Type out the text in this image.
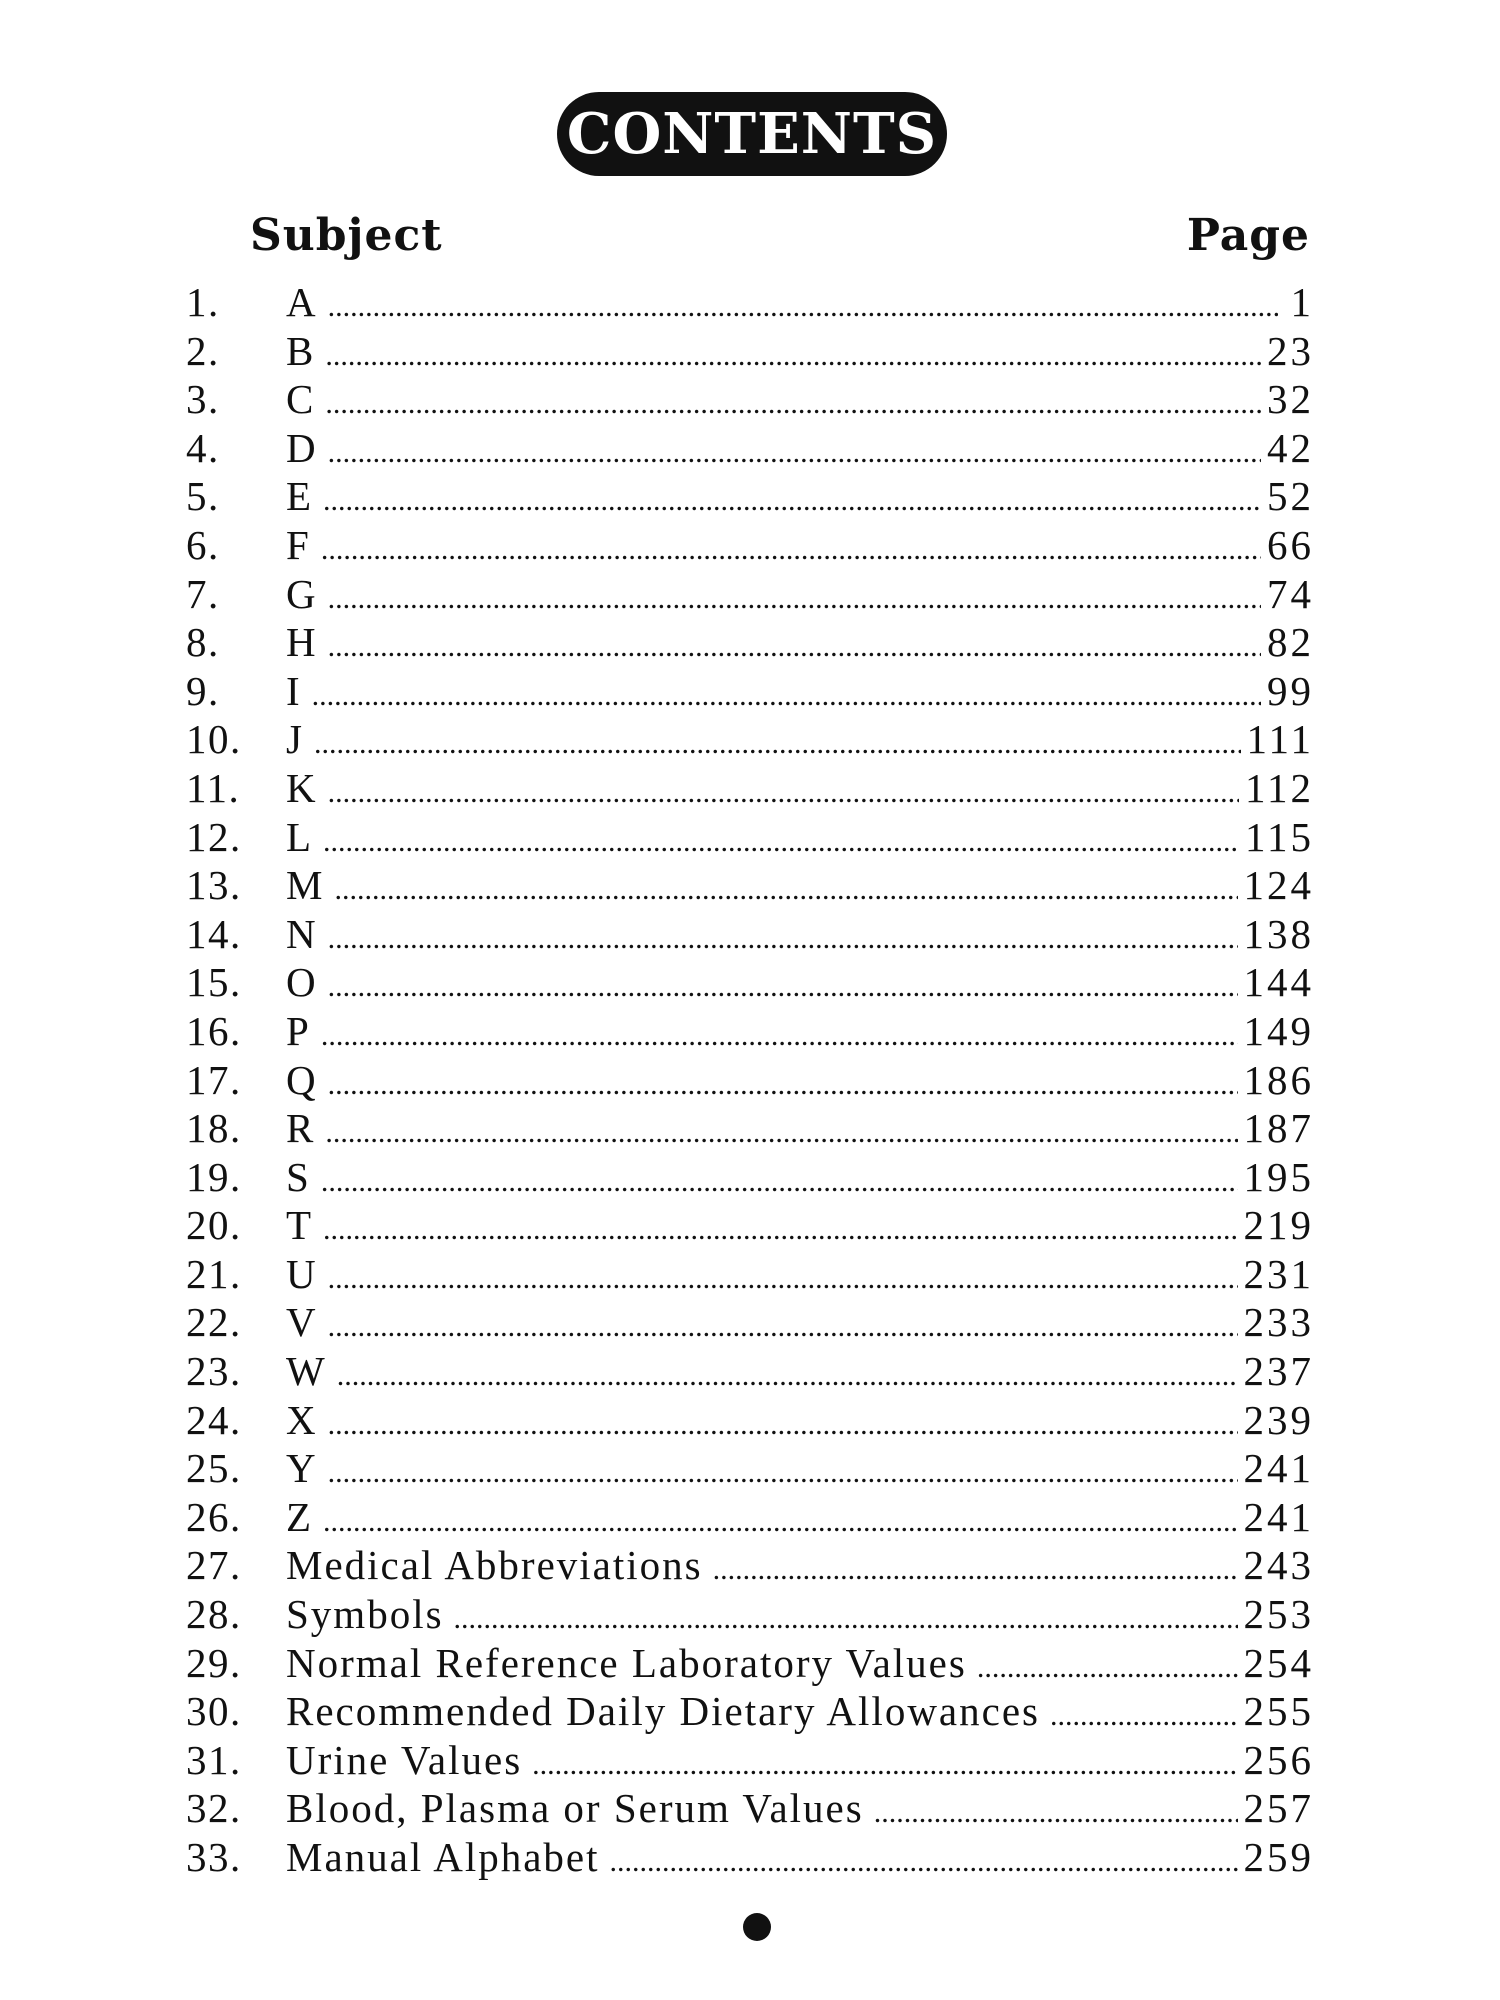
CONTENTS
Subject	Page
1.	A .....	1
2.	B .....	23
3.	C .....	32
4.	D .....	42
5.	E .....	52
6.	F .....	66
7.	G .....	74
8.	H .....	82
9.	I .....	99
10.	J .....	111
11.	K .....	112
12.	L .....	115
13.	M .....	124
14.	N .....	138
15.	O .....	144
16.	P .....	149
17.	Q .....	186
18.	R .....	187
19.	S .....	195
20.	T .....	219
21.	U .....	231
22.	V .....	233
23.	W .....	237
24.	X .....	239
25.	Y .....	241
26.	Z .....	241
27.	Medical Abbreviations .....	243
28.	Symbols .....	253
29.	Normal Reference Laboratory Values .....	254
30.	Recommended Daily Dietary Allowances .....	255
31.	Urine Values .....	256
32.	Blood, Plasma or Serum Values .....	257
33.	Manual Alphabet .....	259
